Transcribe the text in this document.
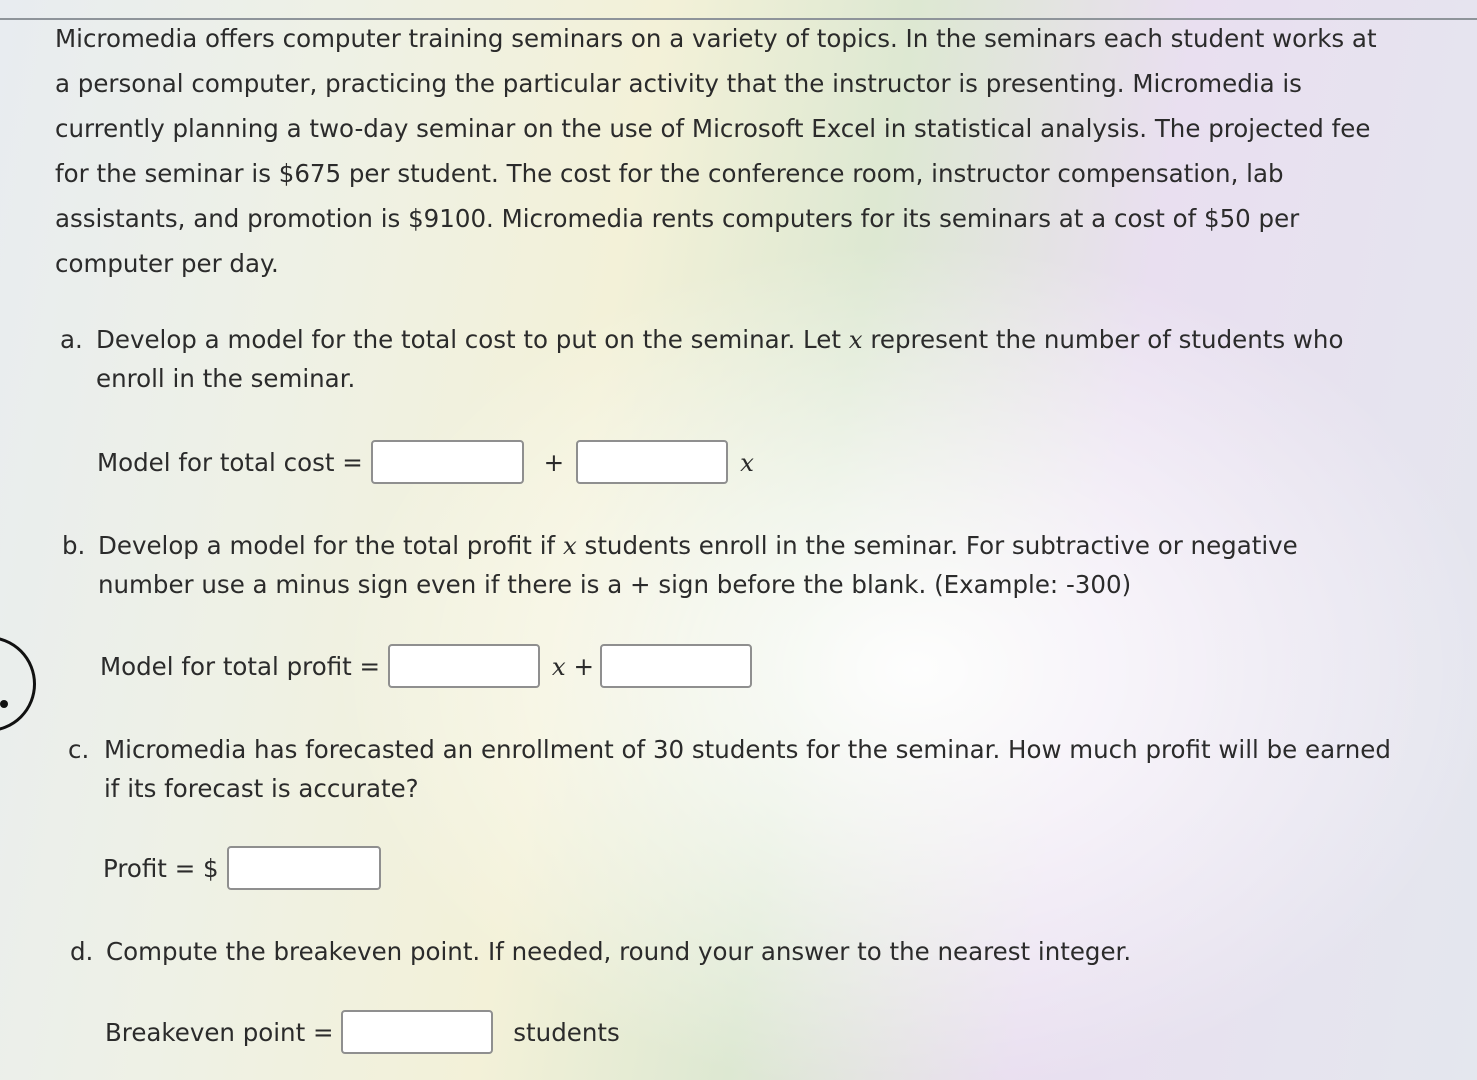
Micromedia offers computer training seminars on a variety of topics. In the seminars each student works at
a personal computer, practicing the particular activity that the instructor is presenting. Micromedia is
currently planning a two-day seminar on the use of Microsoft Excel in statistical analysis. The projected fee
for the seminar is $675 per student. The cost for the conference room, instructor compensation, lab
assistants, and promotion is $9100. Micromedia rents computers for its seminars at a cost of $50 per
computer per day.
a. Develop a model for the total cost to put on the seminar. Let x represent the number of students who
enroll in the seminar.
Model for total cost =	+	x
b. Develop a model for the total profit if x students enroll in the seminar. For subtractive or negative
number use a minus sign even if there is a + sign before the blank. (Example: -300)
Model for total profit =	x +
c. Micromedia has forecasted an enrollment of 30 students for the seminar. How much profit will be earned
if its forecast is accurate?
Profit = $
d. Compute the breakeven point. If needed, round your answer to the nearest integer.
Breakeven point =	students
